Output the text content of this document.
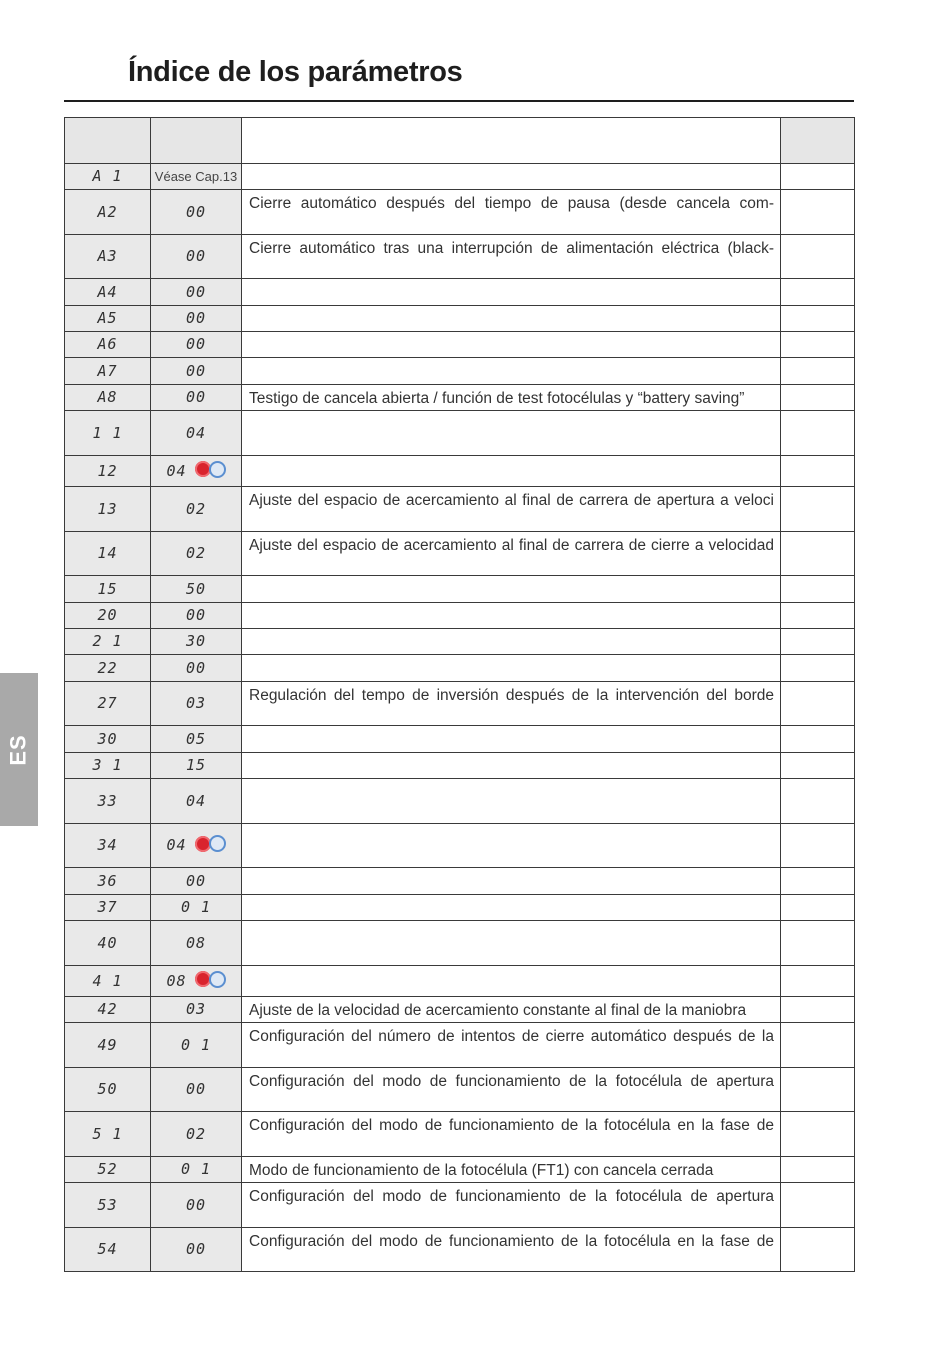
Índice de los parámetros
ES

A 1	Véase Cap.13		
A2	00	Cierre automático después del tiempo de pausa (desde cancela com-	

A3	00	Cierre automático tras una interrupción de alimentación eléctrica (black-	

A4	00		
A5	00		
A6	00		
A7	00		
A8	00	Testigo de cancela abierta / función de test fotocélulas y “battery saving”	

1 1	04		
12	04		
13	02	Ajuste del espacio de acercamiento al final de carrera de apertura a veloci	

14	02	Ajuste del espacio de acercamiento al final de carrera de cierre a velocidad	

15	50		
20	00		
2 1	30		
22	00		
27	03	Regulación del tempo de inversión después de la intervención del borde	

30	05		
3 1	15		
33	04		
34	04		
36	00		
37	0 1		
40	08		
4 1	08		
42	03	Ajuste de la velocidad de acercamiento constante al final de la maniobra	

49	0 1	Configuración del número de intentos de cierre automático después de la	

50	00	Configuración del modo de funcionamiento de la fotocélula de apertura	

5 1	02	Configuración del modo de funcionamiento de la fotocélula en la fase de	

52	0 1	Modo de funcionamiento de la fotocélula (FT1) con cancela cerrada	

53	00	Configuración del modo de funcionamiento de la fotocélula de apertura	

54	00	Configuración del modo de funcionamiento de la fotocélula en la fase de	
